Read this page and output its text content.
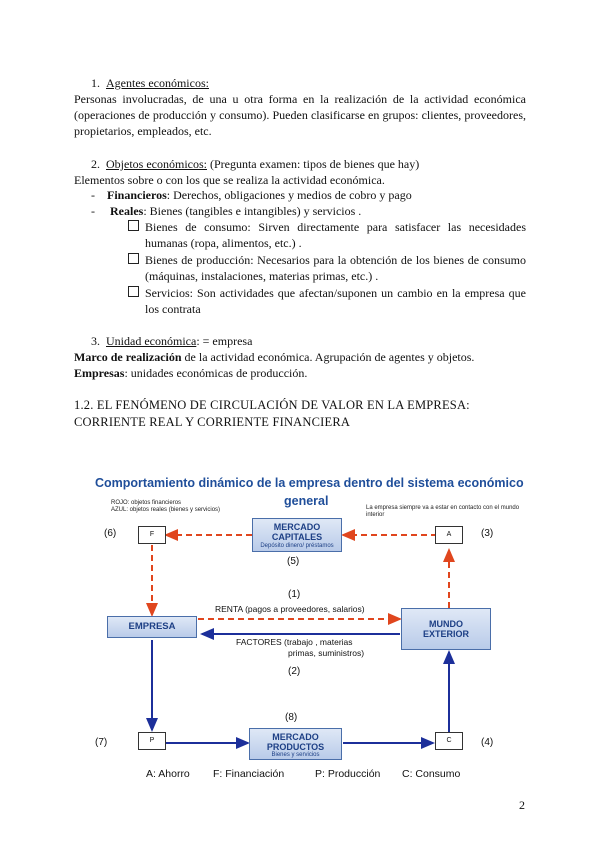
1. Agentes económicos:
Personas involucradas, de una u otra forma en la realización de la actividad económica (operaciones de producción y consumo). Pueden clasificarse en grupos: clientes, proveedores, propietarios, empleados, etc.
2. Objetos económicos: (Pregunta examen: tipos de bienes que hay)
Elementos sobre o con los que se realiza la actividad económica.
- Financieros: Derechos, obligaciones y medios de cobro y pago
- Reales: Bienes (tangibles e intangibles) y servicios .
Bienes de consumo: Sirven directamente para satisfacer las necesidades humanas (ropa, alimentos, etc.) .
Bienes de producción: Necesarios para la obtención de los bienes de consumo (máquinas, instalaciones, materias primas, etc.) .
Servicios: Son actividades que afectan/suponen un cambio en la empresa que los contrata
3. Unidad económica: = empresa
Marco de realización de la actividad económica. Agrupación de agentes y objetos.
Empresas: unidades económicas de producción.
1.2. EL FENÓMENO DE CIRCULACIÓN DE VALOR EN LA EMPRESA:
CORRIENTE REAL Y CORRIENTE FINANCIERA
Comportamiento dinámico de la empresa dentro del sistema económico
general
ROJO: objetos financieros
AZUL: objetos reales (bienes y servicios)	La empresa siempre va a estar en contacto con el mundo interior
MERCADO CAPITALES
Depósito dinero/ préstamos
EMPRESA	MUNDO EXTERIOR
MERCADO PRODUCTOS
Bienes y servicios
F	A
P	C
(6)	(3)
(5)
(1)
RENTA (pagos a proveedores, salarios)
FACTORES (trabajo , materias
primas, suministros)
(2)
(8)
(7)	(4)
A: Ahorro F: Financiación	P: Producción C: Consumo
2
